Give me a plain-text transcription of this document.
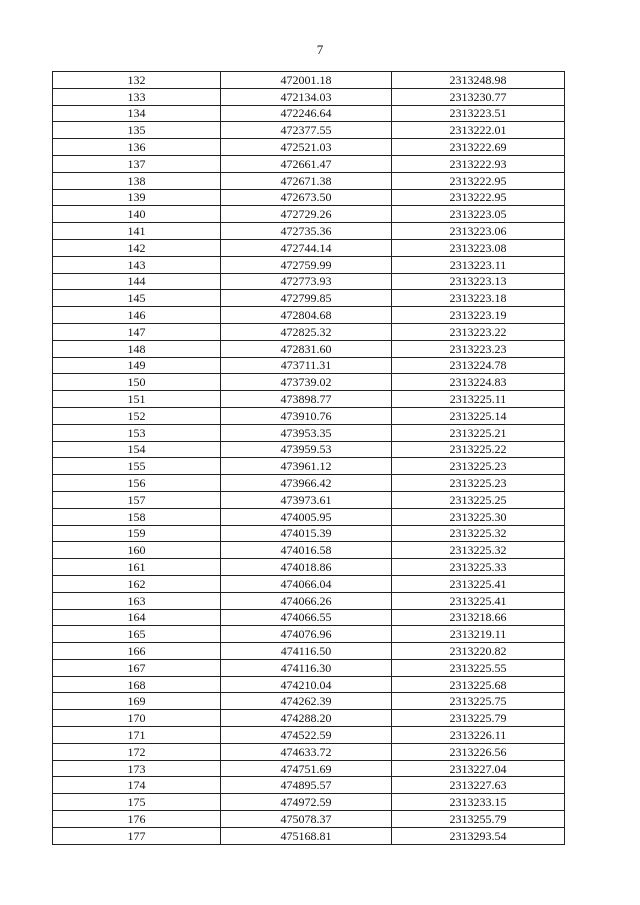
7
132	472001.18	2313248.98
133	472134.03	2313230.77
134	472246.64	2313223.51
135	472377.55	2313222.01
136	472521.03	2313222.69
137	472661.47	2313222.93
138	472671.38	2313222.95
139	472673.50	2313222.95
140	472729.26	2313223.05
141	472735.36	2313223.06
142	472744.14	2313223.08
143	472759.99	2313223.11
144	472773.93	2313223.13
145	472799.85	2313223.18
146	472804.68	2313223.19
147	472825.32	2313223.22
148	472831.60	2313223.23
149	473711.31	2313224.78
150	473739.02	2313224.83
151	473898.77	2313225.11
152	473910.76	2313225.14
153	473953.35	2313225.21
154	473959.53	2313225.22
155	473961.12	2313225.23
156	473966.42	2313225.23
157	473973.61	2313225.25
158	474005.95	2313225.30
159	474015.39	2313225.32
160	474016.58	2313225.32
161	474018.86	2313225.33
162	474066.04	2313225.41
163	474066.26	2313225.41
164	474066.55	2313218.66
165	474076.96	2313219.11
166	474116.50	2313220.82
167	474116.30	2313225.55
168	474210.04	2313225.68
169	474262.39	2313225.75
170	474288.20	2313225.79
171	474522.59	2313226.11
172	474633.72	2313226.56
173	474751.69	2313227.04
174	474895.57	2313227.63
175	474972.59	2313233.15
176	475078.37	2313255.79
177	475168.81	2313293.54
